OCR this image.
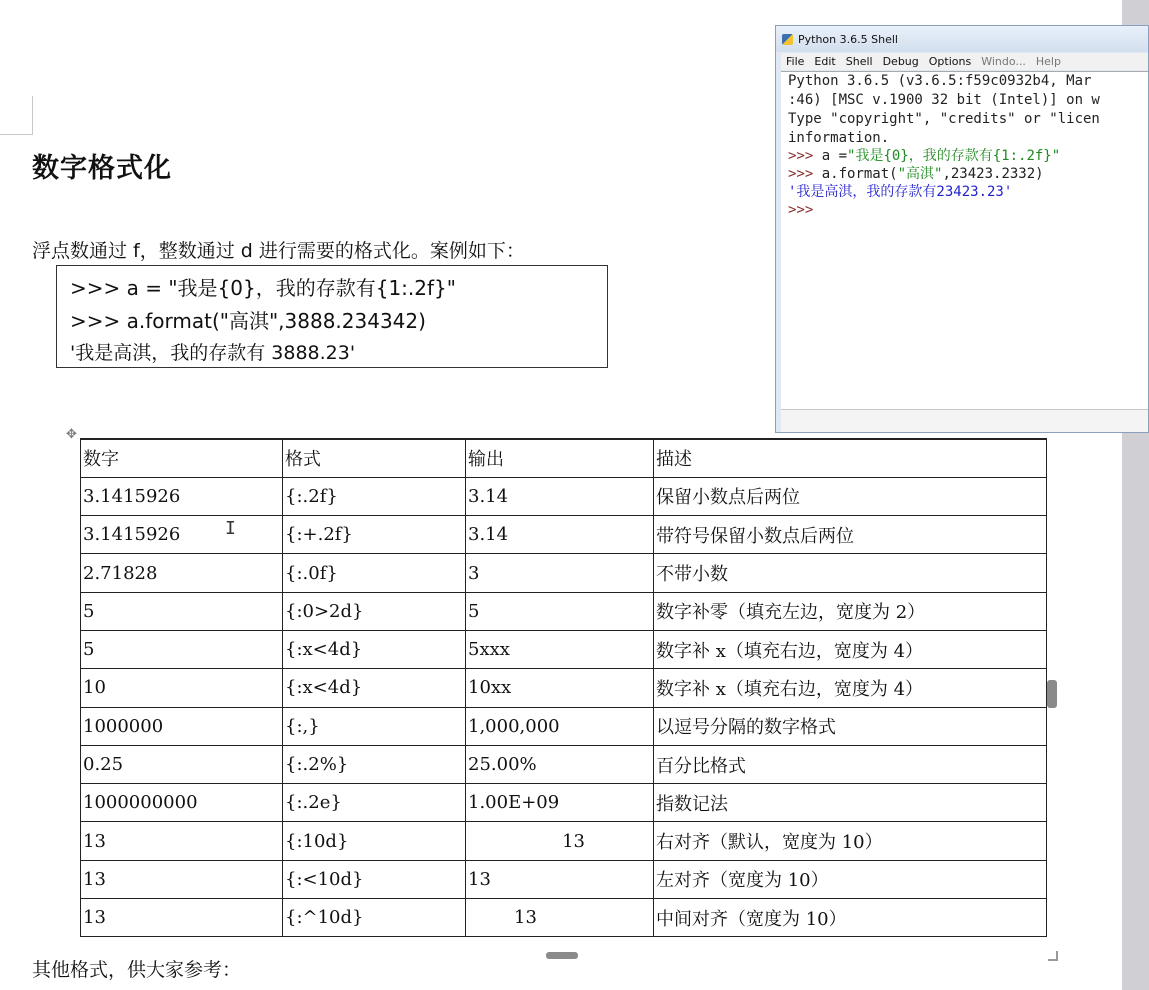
数字格式化
浮点数通过 f，整数通过 d 进行需要的格式化。案例如下：
>>> a = "我是{0}，我的存款有{1:.2f}"
>>> a.format("高淇",3888.234342)
'我是高淇，我的存款有 3888.23'
✥
数字	格式	输出	描述
3.1415926	{:.2f}	3.14	保留小数点后两位
3.1415926	{:+.2f}	3.14	带符号保留小数点后两位
2.71828	{:.0f}	3	不带小数
5	{:0>2d}	5	数字补零（填充左边，宽度为 2）
5	{:x<4d}	5xxx	数字补 x（填充右边，宽度为 4）
10	{:x<4d}	10xx	数字补 x（填充右边，宽度为 4）
1000000	{:,}	1,000,000	以逗号分隔的数字格式
0.25	{:.2%}	25.00%	百分比格式
1000000000	{:.2e}	1.00E+09	指数记法
13	{:10d}	13	右对齐（默认，宽度为 10）
13	{:<10d}	13	左对齐（宽度为 10）
13	{:^10d}	13	中间对齐（宽度为 10）
I
其他格式，供大家参考：
Python 3.6.5 Shell
File Edit Shell Debug Options Windo... Help
Python 3.6.5 (v3.6.5:f59c0932b4, Mar
:46) [MSC v.1900 32 bit (Intel)] on w
Type "copyright", "credits" or "licen
information.
>>> a ="我是{0}，我的存款有{1:.2f}"
>>> a.format("高淇",23423.2332)
'我是高淇，我的存款有23423.23'
>>>
